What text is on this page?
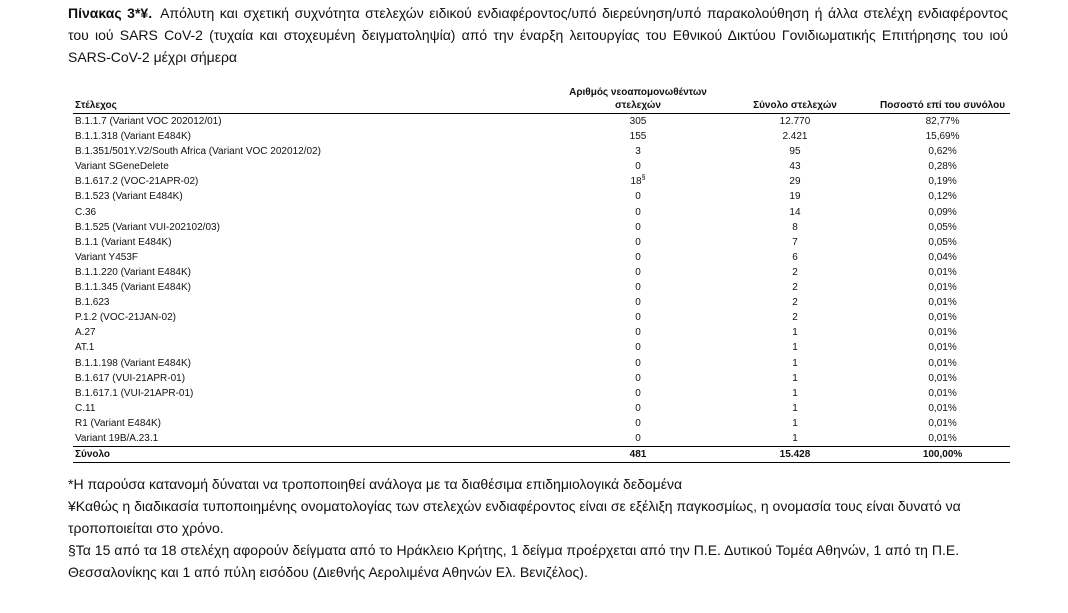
Πίνακας 3*¥. Απόλυτη και σχετική συχνότητα στελεχών ειδικού ενδιαφέροντος/υπό διερεύνηση/υπό παρακολούθηση ή άλλα στελέχη ενδιαφέροντος του ιού SARS CoV-2 (τυχαία και στοχευμένη δειγματοληψία) από την έναρξη λειτουργίας του Εθνικού Δικτύου Γονιδιωματικής Επιτήρησης του ιού SARS-CoV-2 μέχρι σήμερα
Στέλεχος	Αριθμός νεοαπομονωθέντων στελεχών	Σύνολο στελεχών	Ποσοστό επί του συνόλου
B.1.1.7 (Variant VOC 202012/01)	305	12.770	82,77%
B.1.1.318 (Variant E484K)	155	2.421	15,69%
B.1.351/501Y.V2/South Africa (Variant VOC 202012/02)	3	95	0,62%
Variant SGeneDelete	0	43	0,28%
B.1.617.2 (VOC-21APR-02)	18§	29	0,19%
B.1.523 (Variant E484K)	0	19	0,12%
C.36	0	14	0,09%
B.1.525 (Variant VUI-202102/03)	0	8	0,05%
B.1.1 (Variant E484K)	0	7	0,05%
Variant Y453F	0	6	0,04%
B.1.1.220 (Variant E484K)	0	2	0,01%
B.1.1.345 (Variant E484K)	0	2	0,01%
B.1.623	0	2	0,01%
P.1.2 (VOC-21JAN-02)	0	2	0,01%
A.27	0	1	0,01%
AT.1	0	1	0,01%
B.1.1.198 (Variant E484K)	0	1	0,01%
B.1.617 (VUI-21APR-01)	0	1	0,01%
B.1.617.1 (VUI-21APR-01)	0	1	0,01%
C.11	0	1	0,01%
R1 (Variant E484K)	0	1	0,01%
Variant 19B/A.23.1	0	1	0,01%
Σύνολο	481	15.428	100,00%

*Η παρούσα κατανομή δύναται να τροποποιηθεί ανάλογα με τα διαθέσιμα επιδημιολογικά δεδομένα

¥Καθώς η διαδικασία τυποποιημένης ονοματολογίας των στελεχών ενδιαφέροντος είναι σε εξέλιξη παγκοσμίως, η ονομασία τους είναι δυνατό να τροποποιείται στο χρόνο.

§Τα 15 από τα 18 στελέχη αφορούν δείγματα από το Ηράκλειο Κρήτης, 1 δείγμα προέρχεται από την Π.Ε. Δυτικού Τομέα Αθηνών, 1 από τη Π.Ε. Θεσσαλονίκης και 1 από πύλη εισόδου (Διεθνής Αερολιμένα Αθηνών Ελ. Βενιζέλος).
